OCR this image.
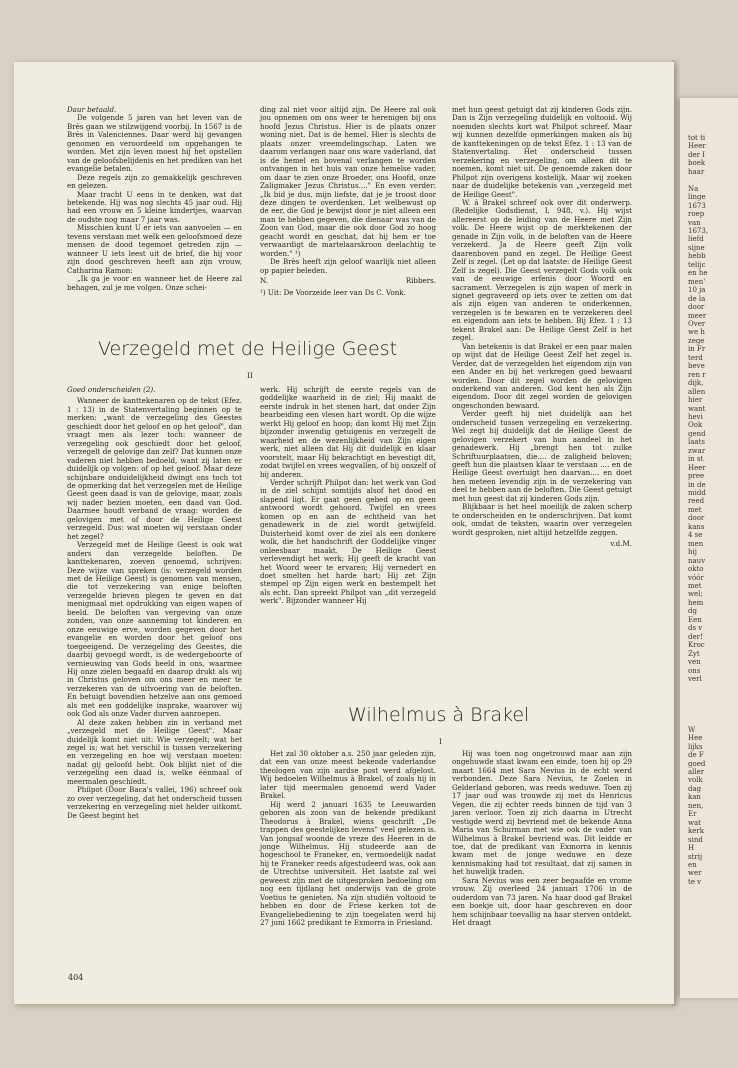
Daur betaald.

De volgende 5 jaren van het leven van de Brès gaan we stilzwijgend voorbij. In 1567 is de Brès in Valenciennes. Daar werd hij gevangen genomen en veroordeeld om opgehangen te worden. Met zijn leven moest hij het opstellen van de geloofsbelijdenis en het prediken van het evangelie betalen.

Deze regels zijn zo gemakkelijk geschreven en gelezen.

Maar tracht U eens in te denken, wat dat betekende. Hij was nog slechts 45 jaar oud. Hij had een vrouw en 5 kleine kindertjes, waarvan de oudste nog maar 7 jaar was.

Misschien kunt U er iets van aanvoelen — en tevens verstaan met welk een geloofsmoed deze mensen de dood tegemoet getreden zijn — wanneer U iets leest uit de brief, die hij voor zijn dood geschreven heeft aan zijn vrouw, Catharina Ramon:

„Ik ga je voor en wanneer het de Heere zal behagen, zul je me volgen. Onze schei-

ding zal niet voor altijd zijn. De Heere zal ook jou opnemen om ons weer te herenigen bij ons hoofd Jezus Christus. Hier is de plaats onzer woning niet. Dat is de hemel. Hier is slechts de plaats onzer vreemdelingschap. Laten we daarom verlangen naar ons ware vaderland, dat is de hemel en bovenal verlangen te worden ontvangen in het huis van onze hemelse vader, om daar te zien onze Broeder, ons Hoofd, onze Zaligmaker Jezus Christus...." En even verder: „Ik bid je dus, mijn liefste, dat je je troost door deze dingen te overdenken. Let welbewust op de eer, die God je bewijst door je niet alleen een man te hebben gegeven, die dienaar was van de Zoon van God, maar die ook door God zo hoog geacht wordt en geschat, dat hij hem er toe verwaardigt de martelaarskroon deelachtig te worden." ¹)

De Brès heeft zijn geloof waarlijk niet alleen op papier beleden.

N.	Ribbers.

¹) Uit: De Voorzeide leer van Ds C. Vonk.

met hun geest getuigt dat zij kinderen Gods zijn. Dan is Zijn verzegeling duidelijk en voltooid. Wij noemden slechts kort wat Philpot schreef. Maar wij kunnen dezelfde opmerkingen maken als bij de kanttekeningen op de tekst Efez. 1 : 13 van de Statenvertaling. Het onderscheid tussen verzekering en verzegeling, om alleen dit te noemen, komt niet uit. De genoemde zaken door Philpot zijn overigens kostelijk. Maar wij zoeken naar de duidelijke betekenis van „verzegeld met de Heilige Geest".

W. á Brakel schreef ook over dit onderwerp. (Redelijke Godsdienst, I, 948, v.). Hij wijst allereerst op de leiding van de Heere met Zijn volk. De Heere wijst op de merktekenen der genade in Zijn volk, in de beloften van de Heere verzekerd. Ja de Heere geeft Zijn volk daarenboven pand en zegel. De Heilige Geest Zelf is zegel. (Let op dat laatste: de Heilige Geest Zelf is zegel). Die Geest verzegelt Gods volk ook van de eeuwige erfenis door Woord en sacrament. Verzegelen is zijn wapen of merk in signet gegraveerd op iets over te zetten om dat als zijn eigen van anderen te onderkennen, verzegelen is te bewaren en te verzekeren deel en eigendom aan iets te hebben. Bij Efez. 1 : 13 tekent Brakel aan: De Heilige Geest Zelf is het zegel.

Van betekenis is dat Brakel er een paar malen op wijst dat de Heilige Geest Zelf het zegel is. Verder, dat de verzegelden het eigendom zijn van een Ander en bij het verkregen goed bewaard worden. Door dit zegel worden de gelovigen onderkend van anderen. God kent hen als Zijn eigendom. Door dit zegel worden de gelovigen ongeschonden bewaard.

Verder geeft hij niet duidelijk aan het onderscheid tussen verzegeling en verzekering. Wel zegt hij duidelijk dat de Heilige Geest de gelovigen verzekert van hun aandeel in het genadewerk. Hij „brengt hen tot zulke Schriftuurplaatsen, die.... de zaligheid beloven; geeft hun die plaatsen klaar te verstaan .... en de Heilige Geest overtuigt hen daarvan.... en doet hen meteen levendig zijn in de verzekering van deel te hebben aan de beloften. Die Geest getuigt met hun geest dat zij kinderen Gods zijn.

Blijkbaar is het heel moeilijk de zaken scherp te onderscheiden en te onderschrijven. Dat komt ook, omdat de teksten, waarin over verzegelen wordt gesproken, niet altijd hetzelfde zeggen.

v.d.M.

Verzegeld met de Heilige Geest
II

Goed onderscheiden (2).

Wanneer de kanttekenaren op de tekst (Efez. 1 : 13) in de Statenvertaling beginnen op te merken: „want de verzegeling des Geestes geschiedt door het geloof en op het geloof", dan vraagt men als lezer toch: wanneer de verzegeling ook geschiedt door het geloof, verzegelt de gelovige dan zelf? Dat kunnen onze vaderen niet hebben bedoeld, want zij laten er duidelijk op volgen: of op het geloof. Maar deze schijnbare onduidelijkheid dwingt ons toch tot de opmerking dat het verzegelen met de Heilige Geest geen daad is van de gelovige, maar, zoals wij nader bezien moeten, een daad van God. Daarmee houdt verband de vraag: worden de gelovigen met of door de Heilige Geest verzegeld. Dus: wat moeten wij verstaan onder het zegel?

Verzegeld met de Heilige Geest is ook wat anders dan verzegelde beloften. De kanttekenaren, zoeven genoemd, schrijven: Deze wijze van spreken (is: verzegeld worden met de Heilige Geest) is genomen van mensen, die tot verzekering van enige beloften verzegelde brieven plegen te geven en dat menigmaal met opdrukking van eigen wapen of beeld. De beloften van vergeving van onze zonden, van onze aanneming tot kinderen en onze eeuwige erve, worden gegeven door het evangelie en worden door het geloof ons toegeeigend. De verzegeling des Geestes, die daarbij gevoegd wordt, is de wedergeboorte of vernieuwing van Gods beeld in ons, waarmee Hij onze zielen begaafd en daarop drukt als wij in Christus geloven om ons meer en meer te verzekeren van de uitvoering van de beloften. En betuigt bovendien hetzelve aan ons gemoed als met een goddelijke insprake, waarover wij ook God als onze Vader durven aanroepen.

Al deze zaken hebben zin in verband met „verzegeld met de Heilige Geest". Maar duidelijk komt niet uit: Wie verzegelt; wat het zegel is; wat het verschil is tussen verzekering en verzegeling en hoe wij verstaan moeten: nadat gij geloofd hebt. Ook blijkt niet of die verzegeling een daad is, welke éénmaal of meermalen geschiedt.

Philpot (Door Baca's vallei, 196) schreef ook zo over verzegeling, dat het onderscheid tussen verzekering en verzegeling niet helder uitkomt. De Geest begint het

werk. Hij schrijft de eerste regels van de goddelijke waarheid in de ziel; Hij maakt de eerste indruk in het stenen hart, dat onder Zijn bearbeiding een vlesen hart wordt. Op die wijze werkt Hij geloof en hoop; dan komt Hij met Zijn bijzonder inwendig getuigenis en verzegelt de waarheid en de wezenlijkheid van Zijn eigen werk, niet alleen dat Hij dit duidelijk en klaar voorstelt, maar Hij bekrachtigt en bevestigt dit, zodat twijfel en vrees wegvallen, of bij onszelf of bij anderen.

Verder schrijft Philpot dan: het werk van God in de ziel schijnt somtijds alsof het dood en slapend ligt. Er gaat geen gebed op en geen antwoord wordt gehoord. Twijfel en vrees komen op en aan de echtheid van het genadewerk in de ziel wordt getwijfeld. Duisterheid komt over de ziel als een donkere wolk, die het handschrift der Goddelijke vinger onleesbaar maakt. De Heilige Geest verlevendigt het werk; Hij geeft de kracht van het Woord weer te ervaren; Hij vernedert en doet smelten het harde hart; Hij zet Zijn stempel op Zijn eigen werk en bestempelt het als echt. Dan spreekt Philpot van „dit verzegeld werk". Bijzonder wanneer Hij

Wilhelmus à Brakel
I

Het zal 30 oktober a.s. 250 jaar geleden zijn, dat een van onze meest bekende vaderlandse theologen van zijn aardse post werd afgelost. Wij bedoelen Wilhelmus à Brakel, of zoals hij in later tijd meermalen genoemd werd Vader Brakel.

Hij werd 2 januari 1635 te Leeuwarden geboren als zoon van de bekende predikant Theodorus à Brakel, wiens geschrift „De trappen des geestelijken levens" veel gelezen is. Van jongsaf woonde de vreze des Heeren in de jonge Wilhelmus. Hij studeerde aan de hogeschool te Franeker, en, vermoedelijk nadat hij te Franeker reeds afgestudeerd was, ook aan de Utrechtse universiteit. Het laatste zal wel geweest zijn met de uitgesproken bedoeling om nog een tijdlang het onderwijs van de grote Voetius te genieten. Na zijn studiën voltooid te hebben en door de Friese kerken tot de Evangeliebediening te zijn toegelaten werd hij 27 juni 1662 predikant te Exmorra in Friesland.

Hij was toen nog ongetrouwd maar aan zijn ongehuwde staat kwam een einde, toen hij op 29 maart 1664 met Sara Nevius in de echt werd verbonden. Deze Sara Nevius, te Zoelen in Gelderland geboren, was reeds weduwe. Toen zij 17 jaar oud was trouwde zij met ds Henricus Vegen, die zij echter reeds binnen de tijd van 3 jaren verloor. Toen zij zich daarna in Utrecht vestigde werd zij bevriend met de bekende Anna Maria van Schurman met wie ook de vader van Wilhelmus à Brakel bevriend was. Dit leidde er toe, dat de predikant van Exmorra in kennis kwam met de jonge weduwe en deze kennismaking had tot resultaat, dat zij samen in het huwelijk traden.

Sara Nevius was een zeer begaafde en vrome vrouw. Zij overleed 24 januari 1706 in de ouderdom van 73 jaren. Na haar dood gaf Brakel een boekje uit, door haar geschreven en door hem schijnbaar toevallig na haar sterven ontdekt. Het draagt

404
tot ti
Heer
der I
boek
haar

Na
linge
1673
roep
van
1673,
liefd
sijne
hebb
telijc
en he
men'
10 ja
de la
door
meer
Over
we h
zege
in Fr
terd
beve
ren r
dijk,
allen
hier
want
hevi
Ook
gend
laats
zwar
in st
Heer
pree
in de
midd
reed
met
door
kans
4 se
men
hij
nauv
okto
vóór
met
wel;
hem
dg
Een
ds v
der!
Kroc
Zyt
ven
ons
verl

W
Hee
lijks
de F
goed
aller
volk
dag
kan
nen,
Er
wat
kerk
sind
H
strij
en
wer
te v
